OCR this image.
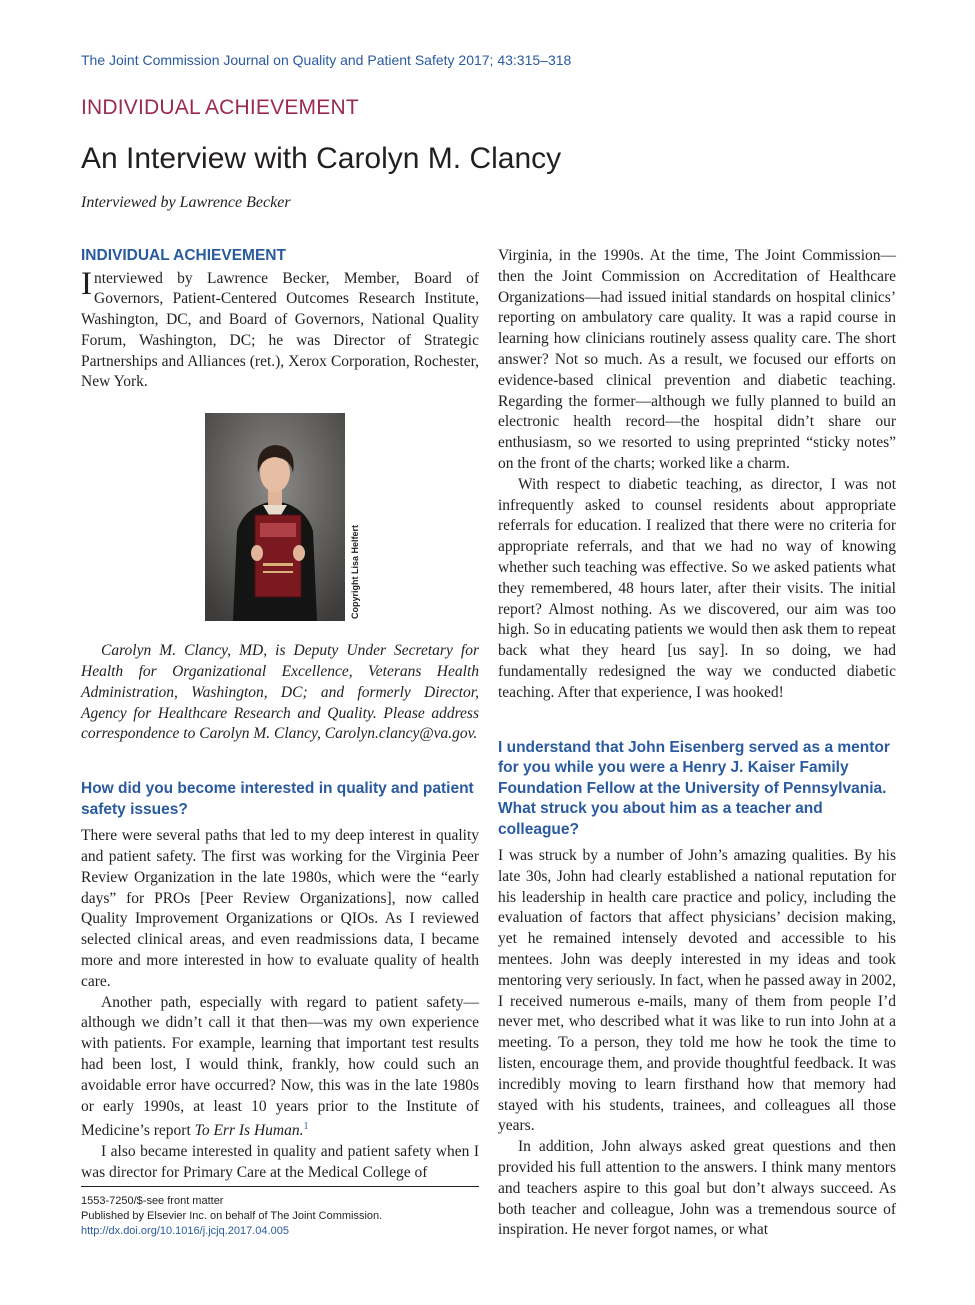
The Joint Commission Journal on Quality and Patient Safety 2017; 43:315–318
INDIVIDUAL ACHIEVEMENT
An Interview with Carolyn M. Clancy
Interviewed by Lawrence Becker
INDIVIDUAL ACHIEVEMENT

Interviewed by Lawrence Becker, Member, Board of Governors, Patient-Centered Outcomes Research Institute, Washington, DC, and Board of Governors, National Quality Forum, Washington, DC; he was Director of Strategic Partnerships and Alliances (ret.), Xerox Corporation, Rochester, New York.

Copyright Lisa Helfert

Carolyn M. Clancy, MD, is Deputy Under Secretary for Health for Organizational Excellence, Veterans Health Administration, Washington, DC; and formerly Director, Agency for Healthcare Research and Quality. Please address correspondence to Carolyn M. Clancy, Carolyn.clancy@va.gov.

How did you become interested in quality and patient safety issues?

There were several paths that led to my deep interest in quality and patient safety. The first was working for the Virginia Peer Review Organization in the late 1980s, which were the “early days” for PROs [Peer Review Organizations], now called Quality Improvement Organizations or QIOs. As I reviewed selected clinical areas, and even readmissions data, I became more and more interested in how to evaluate quality of health care.

Another path, especially with regard to patient safety—although we didn’t call it that then—was my own experience with patients. For example, learning that important test results had been lost, I would think, frankly, how could such an avoidable error have occurred? Now, this was in the late 1980s or early 1990s, at least 10 years prior to the Institute of Medicine’s report To Err Is Human.$^1$

I also became interested in quality and patient safety when I was director for Primary Care at the Medical College of

Virginia, in the 1990s. At the time, The Joint Commission—then the Joint Commission on Accreditation of Healthcare Organizations—had issued initial standards on hospital clinics’ reporting on ambulatory care quality. It was a rapid course in learning how clinicians routinely assess quality care. The short answer? Not so much. As a result, we focused our efforts on evidence-based clinical prevention and diabetic teaching. Regarding the former—although we fully planned to build an electronic health record—the hospital didn’t share our enthusiasm, so we resorted to using preprinted “sticky notes” on the front of the charts; worked like a charm.

With respect to diabetic teaching, as director, I was not infrequently asked to counsel residents about appropriate referrals for education. I realized that there were no criteria for appropriate referrals, and that we had no way of knowing whether such teaching was effective. So we asked patients what they remembered, 48 hours later, after their visits. The initial report? Almost nothing. As we discovered, our aim was too high. So in educating patients we would then ask them to repeat back what they heard [us say]. In so doing, we had fundamentally redesigned the way we conducted diabetic teaching. After that experience, I was hooked!

I understand that John Eisenberg served as a mentor for you while you were a Henry J. Kaiser Family Foundation Fellow at the University of Pennsylvania. What struck you about him as a teacher and colleague?

I was struck by a number of John’s amazing qualities. By his late 30s, John had clearly established a national reputation for his leadership in health care practice and policy, including the evaluation of factors that affect physicians’ decision making, yet he remained intensely devoted and accessible to his mentees. John was deeply interested in my ideas and took mentoring very seriously. In fact, when he passed away in 2002, I received numerous e-mails, many of them from people I’d never met, who described what it was like to run into John at a meeting. To a person, they told me how he took the time to listen, encourage them, and provide thoughtful feedback. It was incredibly moving to learn firsthand how that memory had stayed with his students, trainees, and colleagues all those years.

In addition, John always asked great questions and then provided his full attention to the answers. I think many mentors and teachers aspire to this goal but don’t always succeed. As both teacher and colleague, John was a tremendous source of inspiration. He never forgot names, or what

1553-7250/$-see front matter
Published by Elsevier Inc. on behalf of The Joint Commission.
http://dx.doi.org/10.1016/j.jcjq.2017.04.005
